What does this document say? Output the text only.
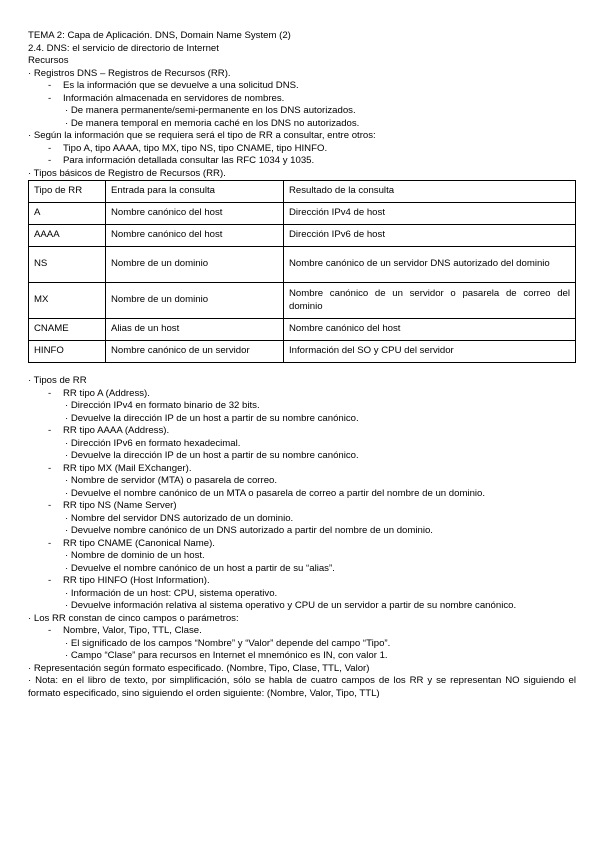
TEMA 2: Capa de Aplicación. DNS, Domain Name System (2)
2.4. DNS: el servicio de directorio de Internet
Recursos
· Registros DNS – Registros de Recursos (RR).
- Es la información que se devuelve a una solicitud DNS.
- Información almacenada en servidores de nombres.
· De manera permanente/semi-permanente en los DNS autorizados.
· De manera temporal en memoria caché en los DNS no autorizados.
· Según la información que se requiera será el tipo de RR a consultar, entre otros:
- Tipo A, tipo AAAA, tipo MX, tipo NS, tipo CNAME, tipo HINFO.
- Para información detallada consultar las RFC 1034 y 1035.
· Tipos básicos de Registro de Recursos (RR).
Tipo de RR	Entrada para la consulta	Resultado de la consulta
A	Nombre canónico del host	Dirección IPv4 de host
AAAA	Nombre canónico del host	Dirección IPv6 de host
NS	Nombre de un dominio	Nombre canónico de un servidor DNS autorizado del dominio
MX	Nombre de un dominio	Nombre canónico de un servidor o pasarela de correo del dominio
CNAME	Alias de un host	Nombre canónico del host
HINFO	Nombre canónico de un servidor	Información del SO y CPU del servidor
· Tipos de RR
- RR tipo A (Address).
· Dirección IPv4 en formato binario de 32 bits.
· Devuelve la dirección IP de un host a partir de su nombre canónico.
- RR tipo AAAA (Address).
· Dirección IPv6 en formato hexadecimal.
· Devuelve la dirección IP de un host a partir de su nombre canónico.
- RR tipo MX (Mail EXchanger).
· Nombre de servidor (MTA) o pasarela de correo.
· Devuelve el nombre canónico de un MTA o pasarela de correo a partir del nombre de un dominio.
- RR tipo NS (Name Server)
· Nombre del servidor DNS autorizado de un dominio.
· Devuelve nombre canónico de un DNS autorizado a partir del nombre de un dominio.
- RR tipo CNAME (Canonical Name).
· Nombre de dominio de un host.
· Devuelve el nombre canónico de un host a partir de su “alias”.
- RR tipo HINFO (Host Information).
· Información de un host: CPU, sistema operativo.
· Devuelve información relativa al sistema operativo y CPU de un servidor a partir de su nombre canónico.
· Los RR constan de cinco campos o parámetros:
- Nombre, Valor, Tipo, TTL, Clase.
· El significado de los campos “Nombre” y “Valor” depende del campo “Tipo”.
· Campo “Clase” para recursos en Internet el mnemónico es IN, con valor 1.
· Representación según formato especificado. (Nombre, Tipo, Clase, TTL, Valor)
· Nota: en el libro de texto, por simplificación, sólo se habla de cuatro campos de los RR y se representan NO siguiendo el formato especificado, sino siguiendo el orden siguiente: (Nombre, Valor, Tipo, TTL)
